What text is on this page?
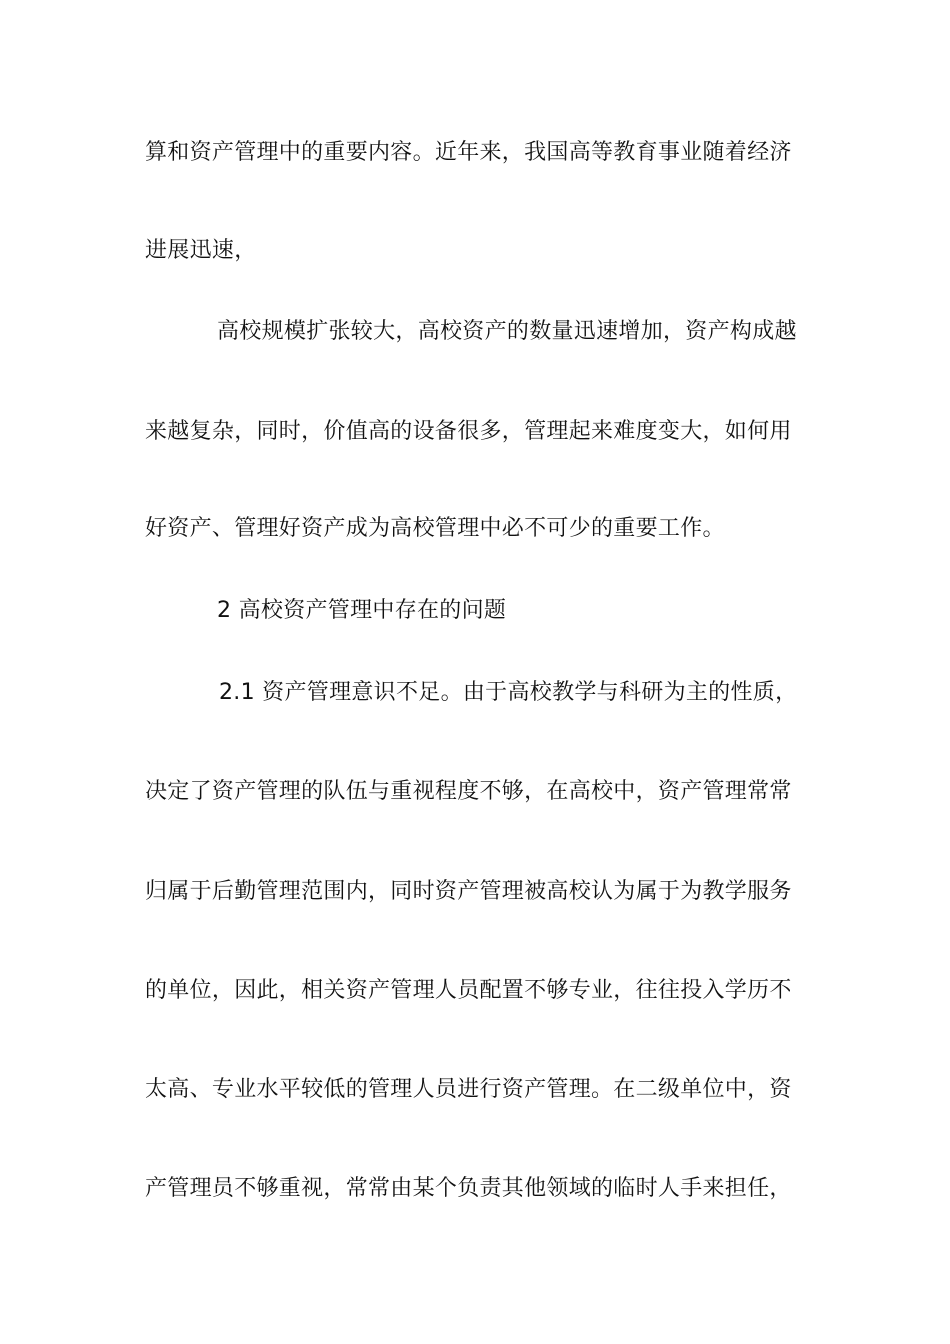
算和资产管理中的重要内容。近年来，我国高等教育事业随着经济
进展迅速，
高校规模扩张较大，高校资产的数量迅速增加，资产构成越
来越复杂，同时，价值高的设备很多，管理起来难度变大，如何用
好资产、管理好资产成为高校管理中必不可少的重要工作。
2 高校资产管理中存在的问题
2.1 资产管理意识不足。由于高校教学与科研为主的性质，
决定了资产管理的队伍与重视程度不够，在高校中，资产管理常常
归属于后勤管理范围内，同时资产管理被高校认为属于为教学服务
的单位，因此，相关资产管理人员配置不够专业，往往投入学历不
太高、专业水平较低的管理人员进行资产管理。在二级单位中，资
产管理员不够重视，常常由某个负责其他领域的临时人手来担任，
